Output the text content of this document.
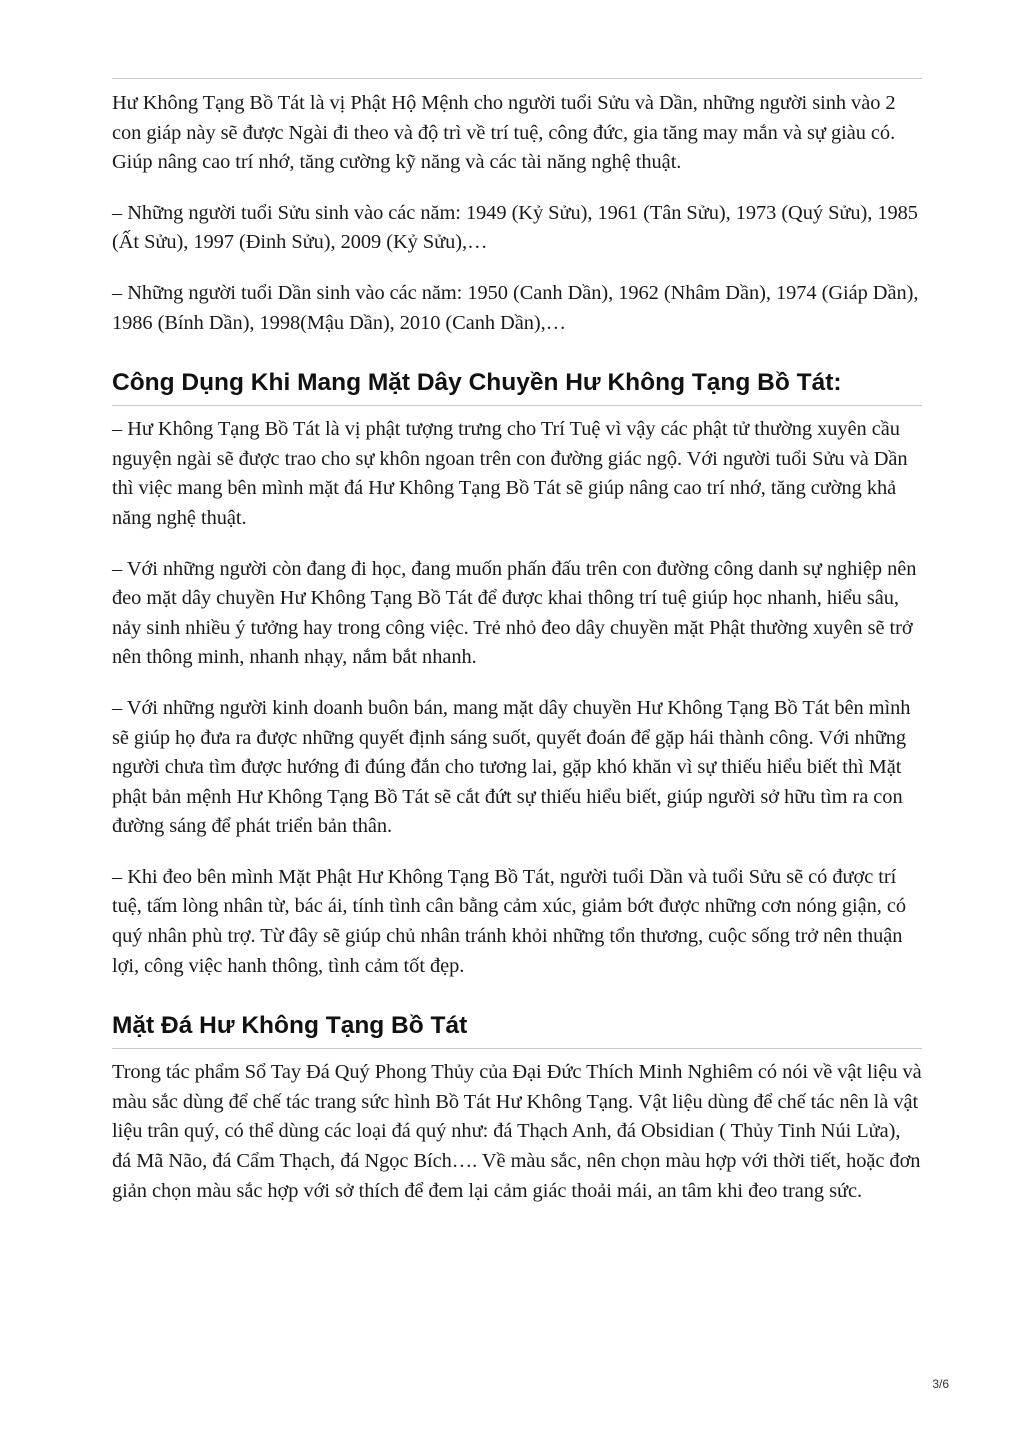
Hư Không Tạng Bồ Tát là vị Phật Hộ Mệnh cho người tuổi Sửu và Dần, những người sinh vào 2 con giáp này sẽ được Ngài đi theo và độ trì về trí tuệ, công đức, gia tăng may mắn và sự giàu có. Giúp nâng cao trí nhớ, tăng cường kỹ năng và các tài năng nghệ thuật.

– Những người tuổi Sửu sinh vào các năm: 1949 (Kỷ Sửu), 1961 (Tân Sửu), 1973 (Quý Sửu), 1985 (Ất Sửu), 1997 (Đinh Sửu), 2009 (Kỷ Sửu),…

– Những người tuổi Dần sinh vào các năm: 1950 (Canh Dần), 1962 (Nhâm Dần), 1974 (Giáp Dần), 1986 (Bính Dần), 1998(Mậu Dần), 2010 (Canh Dần),…

Công Dụng Khi Mang Mặt Dây Chuyền Hư Không Tạng Bồ Tát:

– Hư Không Tạng Bồ Tát là vị phật tượng trưng cho Trí Tuệ vì vậy các phật tử thường xuyên cầu nguyện ngài sẽ được trao cho sự khôn ngoan trên con đường giác ngộ. Với người tuổi Sửu và Dần thì việc mang bên mình mặt đá Hư Không Tạng Bồ Tát sẽ giúp nâng cao trí nhớ, tăng cường khả năng nghệ thuật.

– Với những người còn đang đi học, đang muốn phấn đấu trên con đường công danh sự nghiệp nên đeo mặt dây chuyền Hư Không Tạng Bồ Tát để được khai thông trí tuệ giúp học nhanh, hiểu sâu, nảy sinh nhiều ý tưởng hay trong công việc. Trẻ nhỏ đeo dây chuyền mặt Phật thường xuyên sẽ trở nên thông minh, nhanh nhạy, nắm bắt nhanh.

– Với những người kinh doanh buôn bán, mang mặt dây chuyền Hư Không Tạng Bồ Tát bên mình sẽ giúp họ đưa ra được những quyết định sáng suốt, quyết đoán để gặp hái thành công. Với những người chưa tìm được hướng đi đúng đắn cho tương lai, gặp khó khăn vì sự thiếu hiểu biết thì Mặt phật bản mệnh Hư Không Tạng Bồ Tát sẽ cắt đứt sự thiếu hiểu biết, giúp người sở hữu tìm ra con đường sáng để phát triển bản thân.

– Khi đeo bên mình Mặt Phật Hư Không Tạng Bồ Tát, người tuổi Dần và tuổi Sửu sẽ có được trí tuệ, tấm lòng nhân từ, bác ái, tính tình cân bằng cảm xúc, giảm bớt được những cơn nóng giận, có quý nhân phù trợ. Từ đây sẽ giúp chủ nhân tránh khỏi những tổn thương, cuộc sống trở nên thuận lợi, công việc hanh thông, tình cảm tốt đẹp.

Mặt Đá Hư Không Tạng Bồ Tát

Trong tác phẩm Sổ Tay Đá Quý Phong Thủy của Đại Đức Thích Minh Nghiêm có nói về vật liệu và màu sắc dùng để chế tác trang sức hình Bồ Tát Hư Không Tạng. Vật liệu dùng để chế tác nên là vật liệu trân quý, có thể dùng các loại đá quý như: đá Thạch Anh, đá Obsidian ( Thủy Tinh Núi Lửa), đá Mã Não, đá Cẩm Thạch, đá Ngọc Bích…. Về màu sắc, nên chọn màu hợp với thời tiết, hoặc đơn giản chọn màu sắc hợp với sở thích để đem lại cảm giác thoải mái, an tâm khi đeo trang sức.

3/6
